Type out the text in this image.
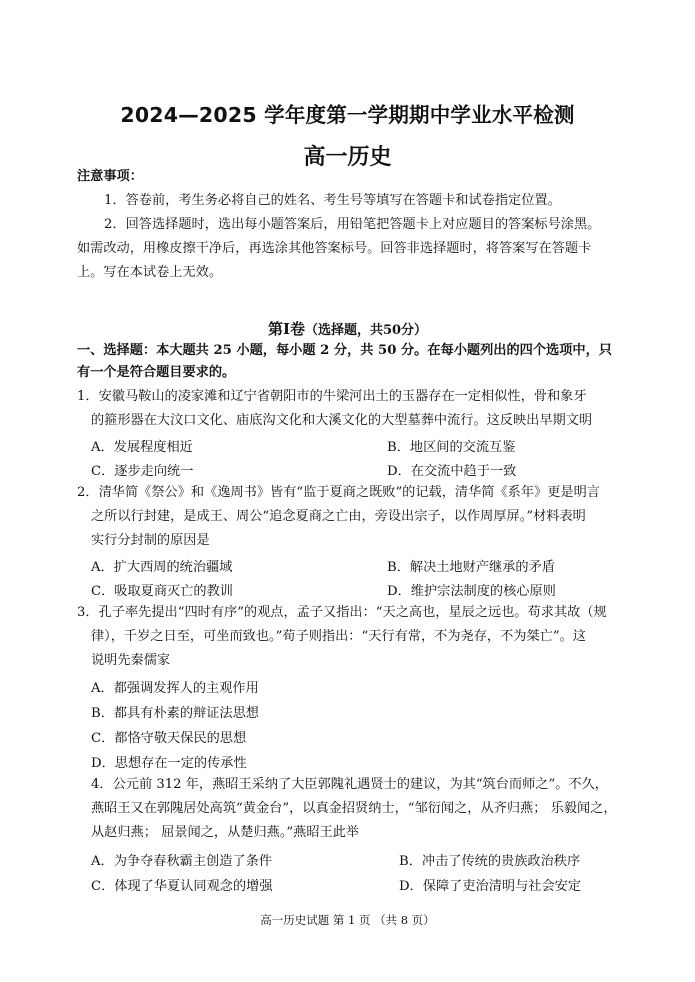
2024—2025 学年度第一学期期中学业水平检测
高一历史
注意事项：
1．答卷前，考生务必将自己的姓名、考生号等填写在答题卡和试卷指定位置。
2．回答选择题时，选出每小题答案后，用铅笔把答题卡上对应题目的答案标号涂黑。
如需改动，用橡皮擦干净后，再选涂其他答案标号。回答非选择题时，将答案写在答题卡
上。写在本试卷上无效。
第Ⅰ卷（选择题，共50分）
一、选择题：本大题共 25 小题，每小题 2 分，共 50 分。在每小题列出的四个选项中，只
有一个是符合题目要求的。
1．安徽马鞍山的凌家滩和辽宁省朝阳市的牛梁河出土的玉器存在一定相似性，骨和象牙
的箍形器在大汶口文化、庙底沟文化和大溪文化的大型墓葬中流行。这反映出早期文明
A．发展程度相近	B．地区间的交流互鉴
C．逐步走向统一	D．在交流中趋于一致
2．清华简《祭公》和《逸周书》皆有“监于夏商之既败”的记载，清华简《系年》更是明言
之所以行封建，是成王、周公“追念夏商之亡由，旁设出宗子，以作周厚屏。”材料表明
实行分封制的原因是
A．扩大西周的统治疆域	B．解决土地财产继承的矛盾
C．吸取夏商灭亡的教训	D．维护宗法制度的核心原则
3．孔子率先提出“四时有序”的观点，孟子又指出：“天之高也，星辰之远也。苟求其故（规
律），千岁之日至，可坐而致也。”荀子则指出：“天行有常，不为尧存，不为桀亡”。这
说明先秦儒家
A．都强调发挥人的主观作用
B．都具有朴素的辩证法思想
C．都恪守敬天保民的思想
D．思想存在一定的传承性
4．公元前 312 年，燕昭王采纳了大臣郭隗礼遇贤士的建议，为其“筑台而师之”。不久，
燕昭王又在郭隗居处高筑“黄金台”，以真金招贤纳士，“邹衍闻之，从齐归燕； 乐毅闻之，
从赵归燕； 屈景闻之，从楚归燕。”燕昭王此举
A．为争夺春秋霸主创造了条件	B．冲击了传统的贵族政治秩序
C．体现了华夏认同观念的增强	D．保障了吏治清明与社会安定
高一历史试题 第 1 页 （共 8 页）
